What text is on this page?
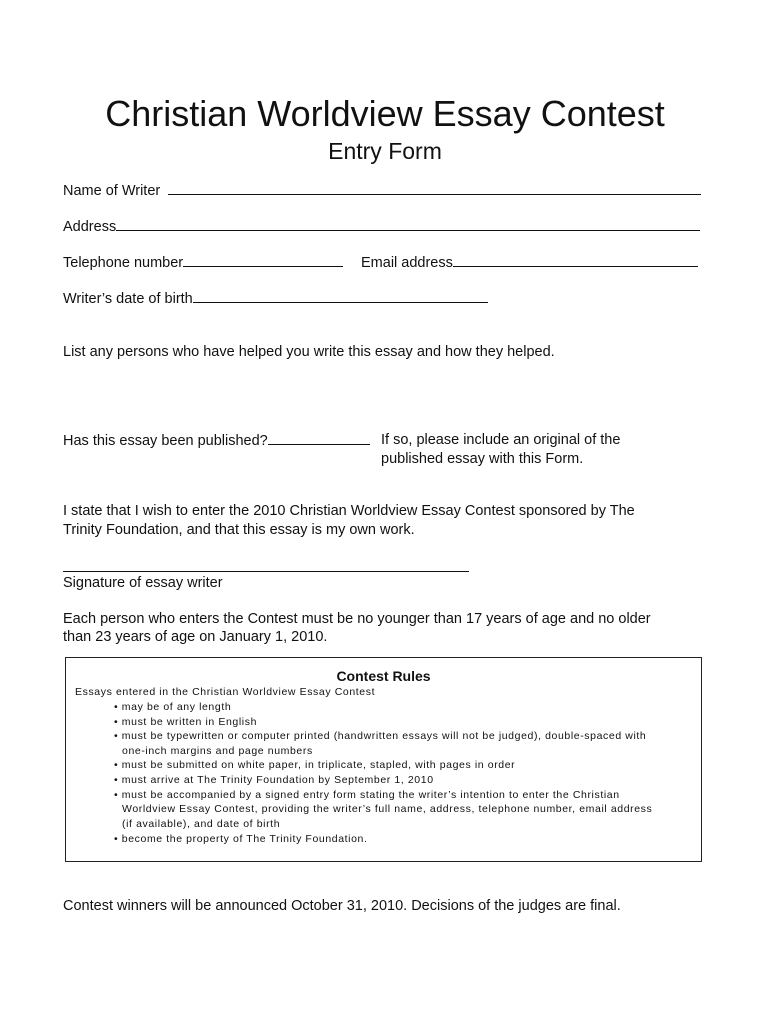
Christian Worldview Essay Contest
Entry Form
Name of Writer
Address
Telephone number	Email address
Writer’s date of birth
List any persons who have helped you write this essay and how they helped.
Has this essay been published?	If so, please include an original of the
published essay with this Form.
I state that I wish to enter the 2010 Christian Worldview Essay Contest sponsored by The
Trinity Foundation, and that this essay is my own work.
Signature of essay writer
Each person who enters the Contest must be no younger than 17 years of age and no older
than 23 years of age on January 1, 2010.
Contest Rules
Essays entered in the Christian Worldview Essay Contest
• may be of any length
• must be written in English
• must be typewritten or computer printed (handwritten essays will not be judged), double-spaced with
one-inch margins and page numbers
• must be submitted on white paper, in triplicate, stapled, with pages in order
• must arrive at The Trinity Foundation by September 1, 2010
• must be accompanied by a signed entry form stating the writer’s intention to enter the Christian
Worldview Essay Contest, providing the writer’s full name, address, telephone number, email address
(if available), and date of birth
• become the property of The Trinity Foundation.
Contest winners will be announced October 31, 2010. Decisions of the judges are final.
